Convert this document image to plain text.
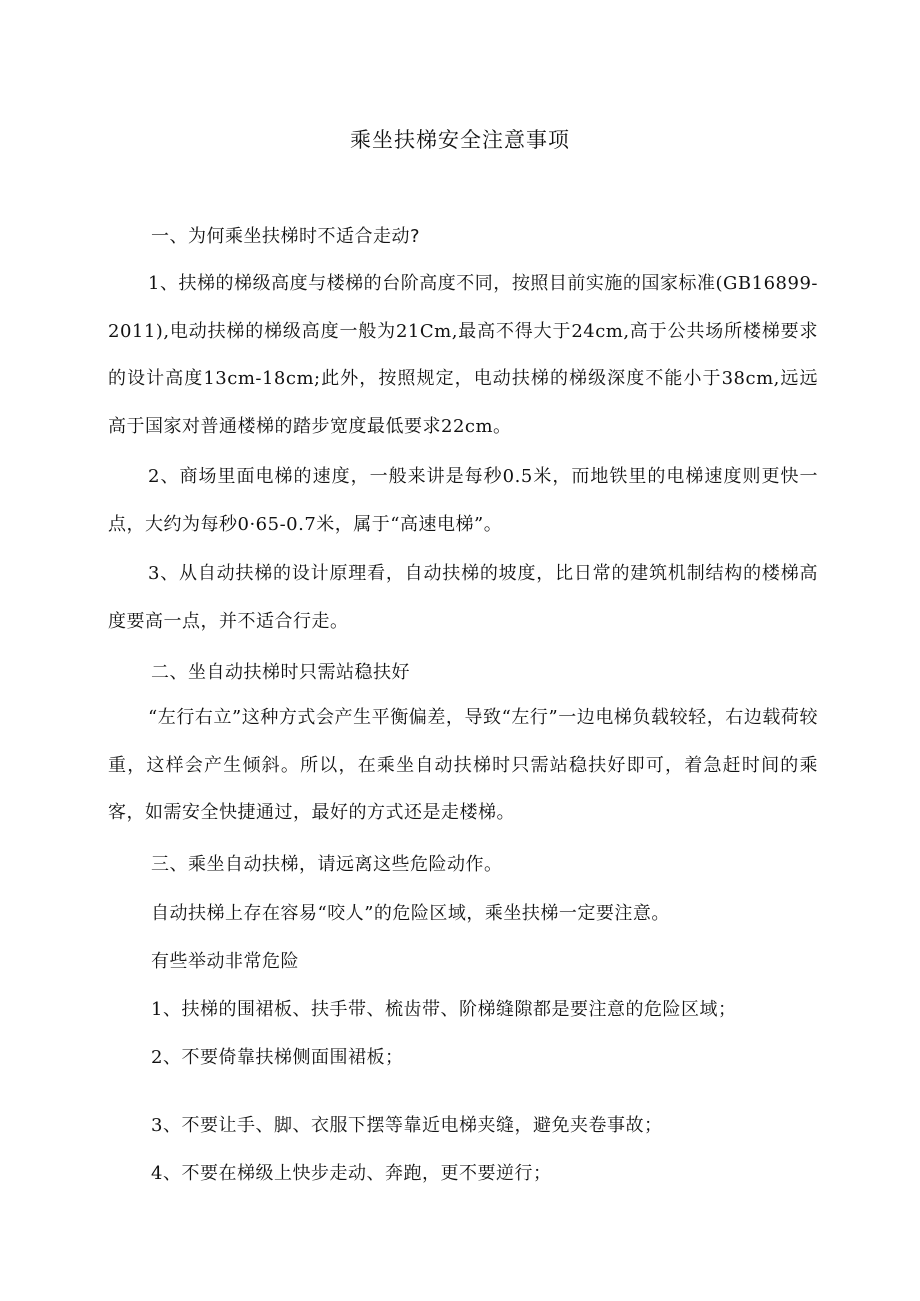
乘坐扶梯安全注意事项
一、为何乘坐扶梯时不适合走动?

1、扶梯的梯级高度与楼梯的台阶高度不同，按照目前实施的国家标准(GB16899-2011),电动扶梯的梯级高度一般为21Cm,最高不得大于24cm,高于公共场所楼梯要求的设计高度13cm-18cm;此外，按照规定，电动扶梯的梯级深度不能小于38cm,远远高于国家对普通楼梯的踏步宽度最低要求22cm。

2、商场里面电梯的速度，一般来讲是每秒0.5米，而地铁里的电梯速度则更快一点，大约为每秒0·65-0.7米，属于“高速电梯”。

3、从自动扶梯的设计原理看，自动扶梯的坡度，比日常的建筑机制结构的楼梯高度要高一点，并不适合行走。

二、坐自动扶梯时只需站稳扶好

“左行右立”这种方式会产生平衡偏差，导致“左行”一边电梯负载较轻，右边载荷较重，这样会产生倾斜。所以，在乘坐自动扶梯时只需站稳扶好即可，着急赶时间的乘客，如需安全快捷通过，最好的方式还是走楼梯。

三、乘坐自动扶梯，请远离这些危险动作。
自动扶梯上存在容易“咬人”的危险区域，乘坐扶梯一定要注意。
有些举动非常危险
1、扶梯的围裙板、扶手带、梳齿带、阶梯缝隙都是要注意的危险区域；
2、不要倚靠扶梯侧面围裙板；
3、不要让手、脚、衣服下摆等靠近电梯夹缝，避免夹卷事故；
4、不要在梯级上快步走动、奔跑，更不要逆行；
